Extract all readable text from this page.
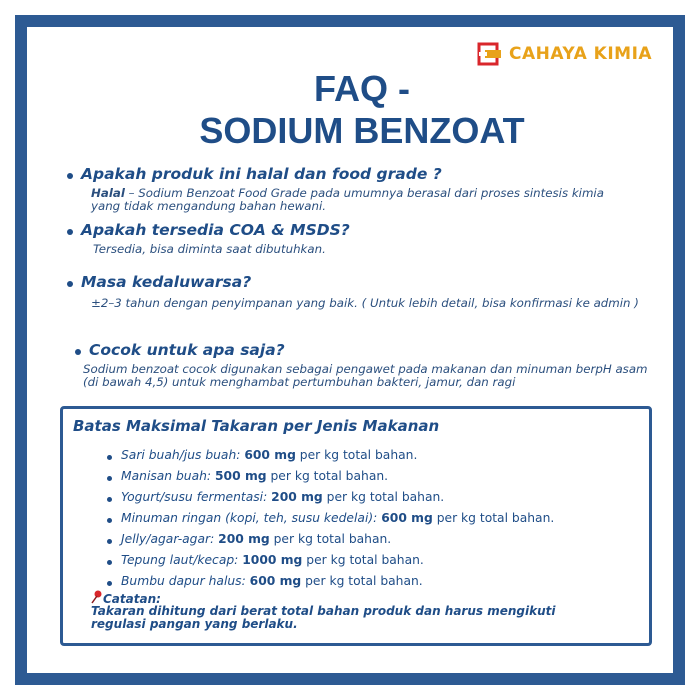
CAHAYA KIMIA
FAQ -
SODIUM BENZOAT
Apakah produk ini halal dan food grade ?
Halal – Sodium Benzoat Food Grade pada umumnya berasal dari proses sintesis kimia yang tidak mengandung bahan hewani.
Apakah tersedia COA & MSDS?
Tersedia, bisa diminta saat dibutuhkan.
Masa kedaluwarsa?
±2–3 tahun dengan penyimpanan yang baik. ( Untuk lebih detail, bisa konfirmasi ke admin )
Cocok untuk apa saja?
Sodium benzoat cocok digunakan sebagai pengawet pada makanan dan minuman berpH asam (di bawah 4,5) untuk menghambat pertumbuhan bakteri, jamur, dan ragi
Batas Maksimal Takaran per Jenis Makanan
Sari buah/jus buah: 600 mg per kg total bahan.
Manisan buah: 500 mg per kg total bahan.
Yogurt/susu fermentasi: 200 mg per kg total bahan.
Minuman ringan (kopi, teh, susu kedelai): 600 mg per kg total bahan.
Jelly/agar-agar: 200 mg per kg total bahan.
Tepung laut/kecap: 1000 mg per kg total bahan.
Bumbu dapur halus: 600 mg per kg total bahan.
Catatan:
Takaran dihitung dari berat total bahan produk dan harus mengikuti regulasi pangan yang berlaku.
